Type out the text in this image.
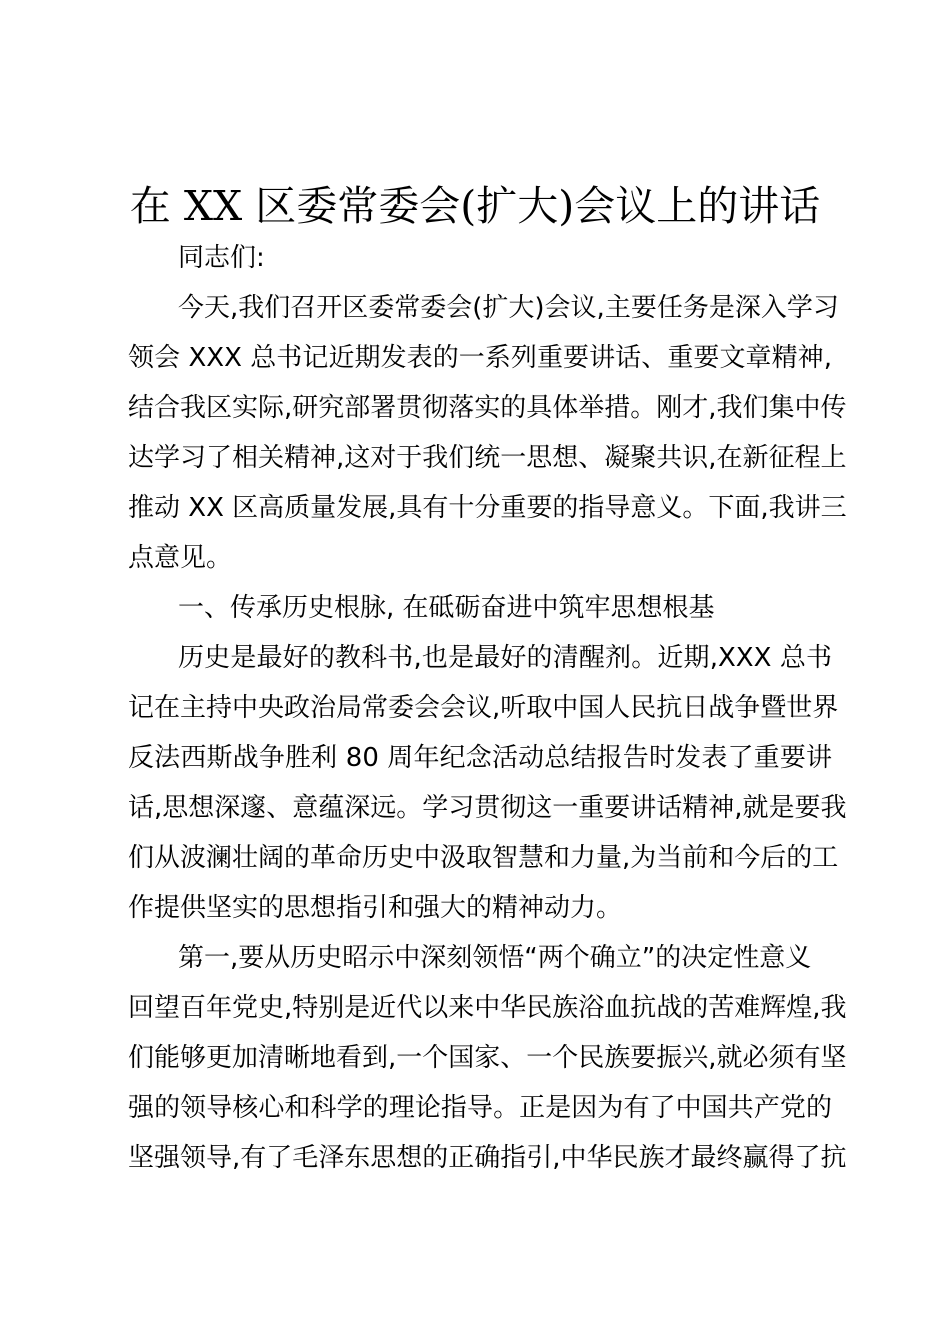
在 XX 区委常委会(扩大)会议上的讲话
同志们:
今天,我们召开区委常委会(扩大)会议,主要任务是深入学习
领会 XXX 总书记近期发表的一系列重要讲话、重要文章精神,
结合我区实际,研究部署贯彻落实的具体举措。刚才,我们集中传
达学习了相关精神,这对于我们统一思想、凝聚共识,在新征程上
推动 XX 区高质量发展,具有十分重要的指导意义。下面,我讲三
点意见。
一、传承历史根脉, 在砥砺奋进中筑牢思想根基
历史是最好的教科书,也是最好的清醒剂。近期,XXX 总书
记在主持中央政治局常委会会议,听取中国人民抗日战争暨世界
反法西斯战争胜利 80 周年纪念活动总结报告时发表了重要讲
话,思想深邃、意蕴深远。学习贯彻这一重要讲话精神,就是要我
们从波澜壮阔的革命历史中汲取智慧和力量,为当前和今后的工
作提供坚实的思想指引和强大的精神动力。
第一,要从历史昭示中深刻领悟“两个确立”的决定性意义
回望百年党史,特别是近代以来中华民族浴血抗战的苦难辉煌,我
们能够更加清晰地看到,一个国家、一个民族要振兴,就必须有坚
强的领导核心和科学的理论指导。正是因为有了中国共产党的
坚强领导,有了毛泽东思想的正确指引,中华民族才最终赢得了抗
